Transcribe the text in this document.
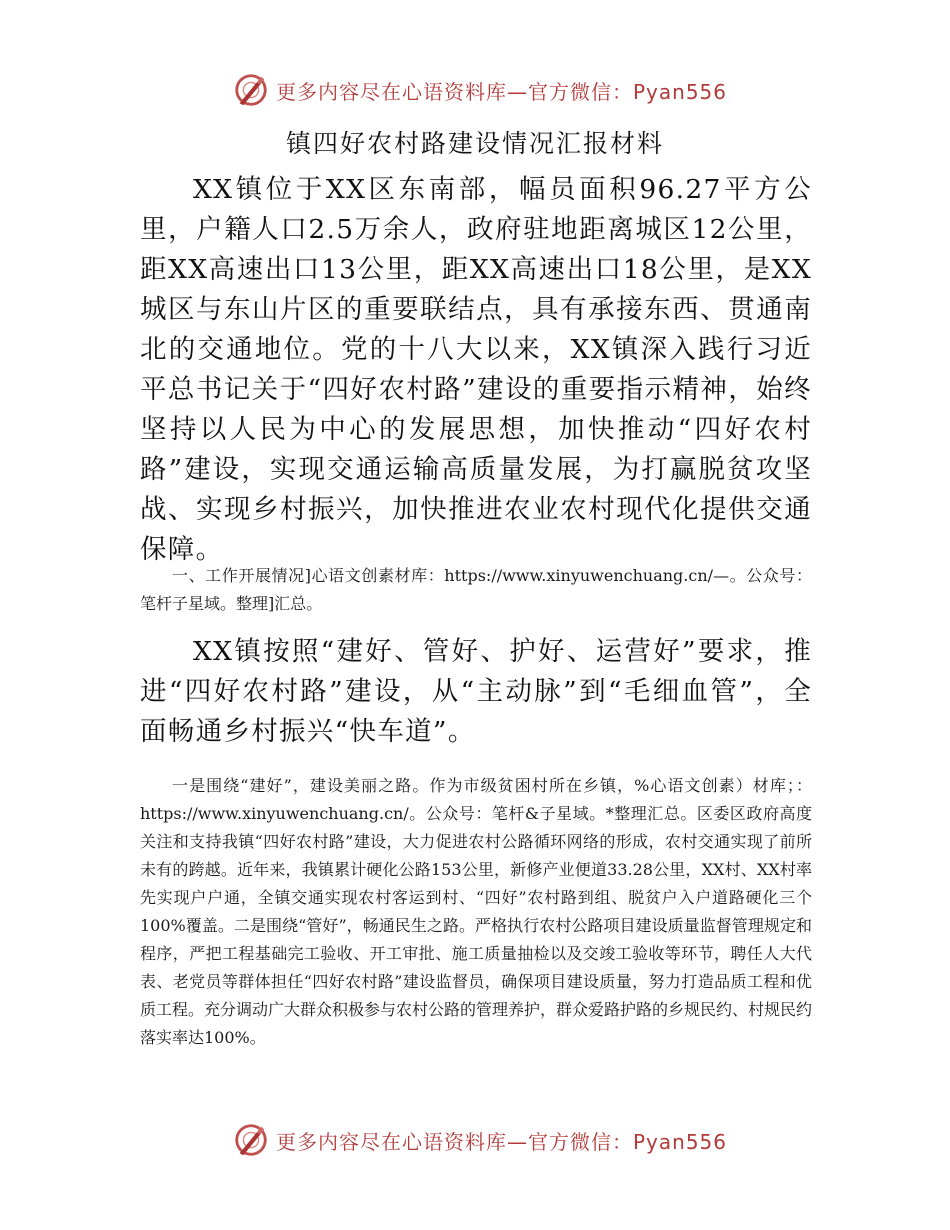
更多内容尽在心语资料库—官方微信：Pyan556
镇四好农村路建设情况汇报材料

XX镇位于XX区东南部，幅员面积96.27平方公里，户籍人口2.5万余人，政府驻地距离城区12公里，距XX高速出口13公里，距XX高速出口18公里，是XX城区与东山片区的重要联结点，具有承接东西、贯通南北的交通地位。党的十八大以来，XX镇深入践行习近平总书记关于“四好农村路”建设的重要指示精神，始终坚持以人民为中心的发展思想，加快推动“四好农村路”建设，实现交通运输高质量发展，为打赢脱贫攻坚战、实现乡村振兴，加快推进农业农村现代化提供交通保障。

一、工作开展情况]心语文创素材库：https://www.xinyuwenchuang.cn/—。公众号：笔杆子星域。整理]汇总。

XX镇按照“建好、管好、护好、运营好”要求，推进“四好农村路”建设，从“主动脉”到“毛细血管”，全面畅通乡村振兴“快车道”。

一是围绕“建好”，建设美丽之路。作为市级贫困村所在乡镇，%心语文创素）材库；：https://www.xinyuwenchuang.cn/。公众号：笔杆&子星域。*整理汇总。区委区政府高度关注和支持我镇“四好农村路”建设，大力促进农村公路循环网络的形成，农村交通实现了前所未有的跨越。近年来，我镇累计硬化公路153公里，新修产业便道33.28公里，XX村、XX村率先实现户户通，全镇交通实现农村客运到村、“四好”农村路到组、脱贫户入户道路硬化三个100%覆盖。二是围绕“管好”，畅通民生之路。严格执行农村公路项目建设质量监督管理规定和程序，严把工程基础完工验收、开工审批、施工质量抽检以及交竣工验收等环节，聘任人大代表、老党员等群体担任“四好农村路”建设监督员，确保项目建设质量，努力打造品质工程和优质工程。充分调动广大群众积极参与农村公路的管理养护，群众爱路护路的乡规民约、村规民约落实率达100%。

更多内容尽在心语资料库—官方微信：Pyan556
